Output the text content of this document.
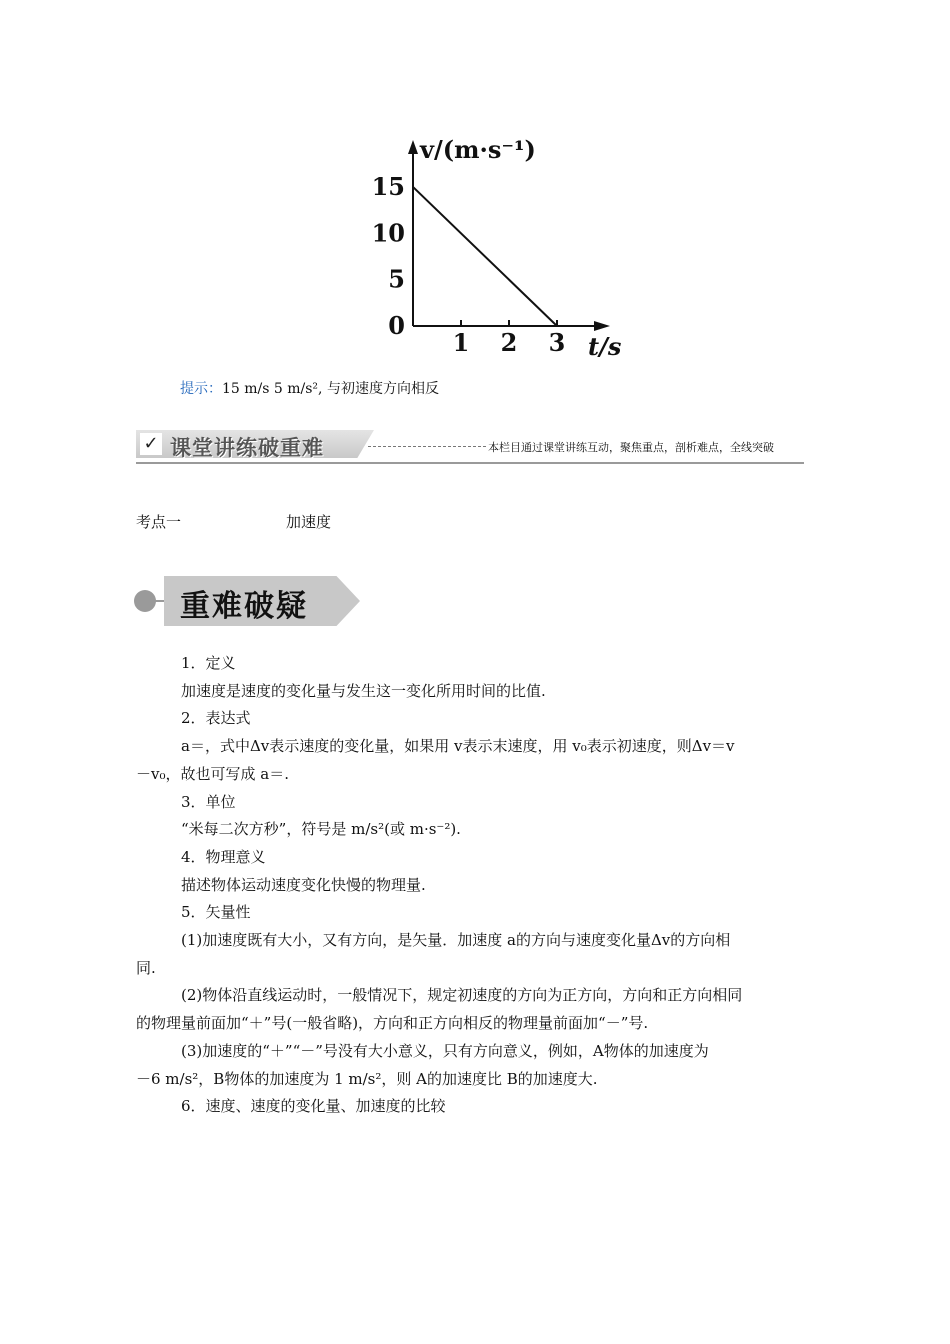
1 2 3
15
10
5
0
v/(m·s⁻¹)
t/s
提示：15 m/s 5 m/s², 与初速度方向相反
✓ 课堂讲练破重难	本栏目通过课堂讲练互动，聚焦重点，剖析难点，全线突破
考点一	加速度
重难破疑

1．定义

加速度是速度的变化量与发生这一变化所用时间的比值.

2．表达式

a＝，式中Δv表示速度的变化量，如果用 v表示末速度，用 v₀表示初速度，则Δv＝v

－v₀，故也可写成 a＝.

3．单位

“米每二次方秒”，符号是 m/s²(或 m·s⁻²).

4．物理意义

描述物体运动速度变化快慢的物理量.

5．矢量性

(1)加速度既有大小，又有方向，是矢量．加速度 a的方向与速度变化量Δv的方向相

同.

(2)物体沿直线运动时，一般情况下，规定初速度的方向为正方向，方向和正方向相同

的物理量前面加“＋”号(一般省略)，方向和正方向相反的物理量前面加“－”号.

(3)加速度的“＋”“－”号没有大小意义，只有方向意义，例如，A物体的加速度为

－6 m/s²，B物体的加速度为 1 m/s²，则 A的加速度比 B的加速度大.

6．速度、速度的变化量、加速度的比较
